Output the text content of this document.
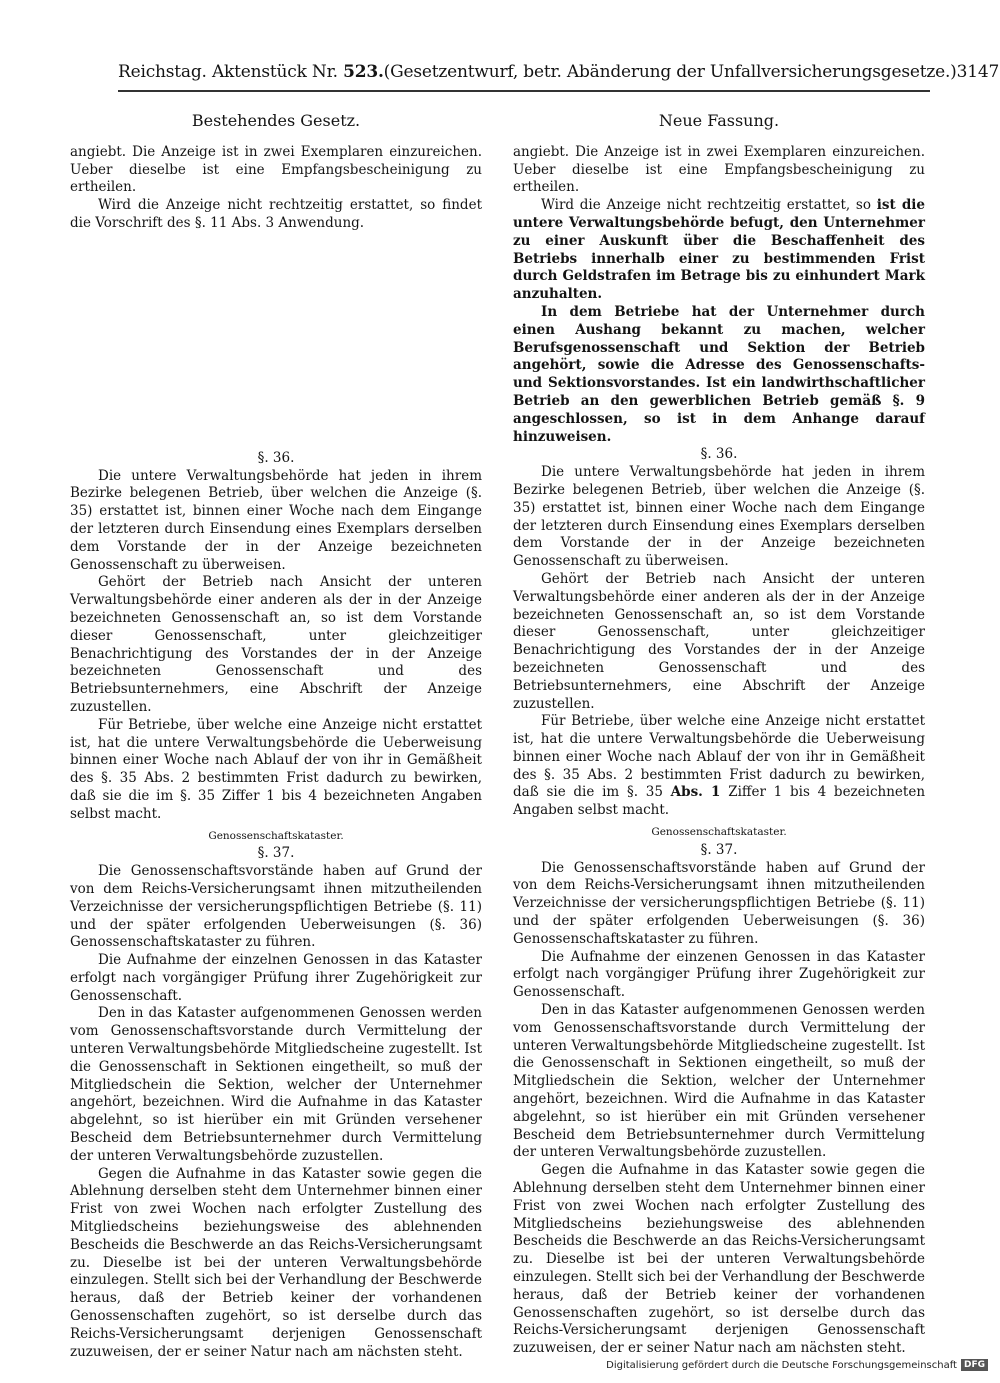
Reichstag. Aktenstück Nr. 523. (Gesetzentwurf, betr. Abänderung der Unfallversicherungsgesetze.) 3147
Bestehendes Gesetz.

angiebt. Die Anzeige ist in zwei Exemplaren einzureichen. Ueber dieselbe ist eine Empfangsbescheinigung zu ertheilen.

Wird die Anzeige nicht rechtzeitig erstattet, so findet die Vorschrift des §. 11 Abs. 3 Anwendung.

§. 36.

Die untere Verwaltungsbehörde hat jeden in ihrem Bezirke belegenen Betrieb, über welchen die Anzeige (§. 35) erstattet ist, binnen einer Woche nach dem Eingange der letzteren durch Einsendung eines Exemplars derselben dem Vorstande der in der Anzeige bezeichneten Genossenschaft zu überweisen.

Gehört der Betrieb nach Ansicht der unteren Verwaltungsbehörde einer anderen als der in der Anzeige bezeichneten Genossenschaft an, so ist dem Vorstande dieser Genossenschaft, unter gleichzeitiger Benachrichtigung des Vorstandes der in der Anzeige bezeichneten Genossenschaft und des Betriebsunternehmers, eine Abschrift der Anzeige zuzustellen.

Für Betriebe, über welche eine Anzeige nicht erstattet ist, hat die untere Verwaltungsbehörde die Ueberweisung binnen einer Woche nach Ablauf der von ihr in Gemäßheit des §. 35 Abs. 2 bestimmten Frist dadurch zu bewirken, daß sie die im §. 35 Ziffer 1 bis 4 bezeichneten Angaben selbst macht.

Genossenschaftskataster.

§. 37.

Die Genossenschaftsvorstände haben auf Grund der von dem Reichs-Versicherungsamt ihnen mitzutheilenden Verzeichnisse der versicherungspflichtigen Betriebe (§. 11) und der später erfolgenden Ueberweisungen (§. 36) Genossenschaftskataster zu führen.

Die Aufnahme der einzelnen Genossen in das Kataster erfolgt nach vorgängiger Prüfung ihrer Zugehörigkeit zur Genossenschaft.

Den in das Kataster aufgenommenen Genossen werden vom Genossenschaftsvorstande durch Vermittelung der unteren Verwaltungsbehörde Mitgliedscheine zugestellt. Ist die Genossenschaft in Sektionen eingetheilt, so muß der Mitgliedschein die Sektion, welcher der Unternehmer angehört, bezeichnen. Wird die Aufnahme in das Kataster abgelehnt, so ist hierüber ein mit Gründen versehener Bescheid dem Betriebsunternehmer durch Vermittelung der unteren Verwaltungsbehörde zuzustellen.

Gegen die Aufnahme in das Kataster sowie gegen die Ablehnung derselben steht dem Unternehmer binnen einer Frist von zwei Wochen nach erfolgter Zustellung des Mitgliedscheins beziehungsweise des ablehnenden Bescheids die Beschwerde an das Reichs-Versicherungsamt zu. Dieselbe ist bei der unteren Verwaltungsbehörde einzulegen. Stellt sich bei der Verhandlung der Beschwerde heraus, daß der Betrieb keiner der vorhandenen Genossenschaften zugehört, so ist derselbe durch das Reichs-Versicherungsamt derjenigen Genossenschaft zuzuweisen, der er seiner Natur nach am nächsten steht.

Neue Fassung.

angiebt. Die Anzeige ist in zwei Exemplaren einzureichen. Ueber dieselbe ist eine Empfangsbescheinigung zu ertheilen.

Wird die Anzeige nicht rechtzeitig erstattet, so ist die untere Verwaltungsbehörde befugt, den Unternehmer zu einer Auskunft über die Beschaffenheit des Betriebs innerhalb einer zu bestimmenden Frist durch Geldstrafen im Betrage bis zu einhundert Mark anzuhalten.

In dem Betriebe hat der Unternehmer durch einen Aushang bekannt zu machen, welcher Berufsgenossenschaft und Sektion der Betrieb angehört, sowie die Adresse des Genossenschafts- und Sektionsvorstandes. Ist ein landwirthschaftlicher Betrieb an den gewerblichen Betrieb gemäß §. 9 angeschlossen, so ist in dem Anhange darauf hinzuweisen.

§. 36.

Die untere Verwaltungsbehörde hat jeden in ihrem Bezirke belegenen Betrieb, über welchen die Anzeige (§. 35) erstattet ist, binnen einer Woche nach dem Eingange der letzteren durch Einsendung eines Exemplars derselben dem Vorstande der in der Anzeige bezeichneten Genossenschaft zu überweisen.

Gehört der Betrieb nach Ansicht der unteren Verwaltungsbehörde einer anderen als der in der Anzeige bezeichneten Genossenschaft an, so ist dem Vorstande dieser Genossenschaft, unter gleichzeitiger Benachrichtigung des Vorstandes der in der Anzeige bezeichneten Genossenschaft und des Betriebsunternehmers, eine Abschrift der Anzeige zuzustellen.

Für Betriebe, über welche eine Anzeige nicht erstattet ist, hat die untere Verwaltungsbehörde die Ueberweisung binnen einer Woche nach Ablauf der von ihr in Gemäßheit des §. 35 Abs. 2 bestimmten Frist dadurch zu bewirken, daß sie die im §. 35 Abs. 1 Ziffer 1 bis 4 bezeichneten Angaben selbst macht.

Genossenschaftskataster.

§. 37.

Die Genossenschaftsvorstände haben auf Grund der von dem Reichs-Versicherungsamt ihnen mitzutheilenden Verzeichnisse der versicherungspflichtigen Betriebe (§. 11) und der später erfolgenden Ueberweisungen (§. 36) Genossenschaftskataster zu führen.

Die Aufnahme der einzenen Genossen in das Kataster erfolgt nach vorgängiger Prüfung ihrer Zugehörigkeit zur Genossenschaft.

Den in das Kataster aufgenommenen Genossen werden vom Genossenschaftsvorstande durch Vermittelung der unteren Verwaltungsbehörde Mitgliedscheine zugestellt. Ist die Genossenschaft in Sektionen eingetheilt, so muß der Mitgliedschein die Sektion, welcher der Unternehmer angehört, bezeichnen. Wird die Aufnahme in das Kataster abgelehnt, so ist hierüber ein mit Gründen versehener Bescheid dem Betriebsunternehmer durch Vermittelung der unteren Verwaltungsbehörde zuzustellen.

Gegen die Aufnahme in das Kataster sowie gegen die Ablehnung derselben steht dem Unternehmer binnen einer Frist von zwei Wochen nach erfolgter Zustellung des Mitgliedscheins beziehungsweise des ablehnenden Bescheids die Beschwerde an das Reichs-Versicherungsamt zu. Dieselbe ist bei der unteren Verwaltungsbehörde einzulegen. Stellt sich bei der Verhandlung der Beschwerde heraus, daß der Betrieb keiner der vorhandenen Genossenschaften zugehört, so ist derselbe durch das Reichs-Versicherungsamt derjenigen Genossenschaft zuzuweisen, der er seiner Natur nach am nächsten steht.

Digitalisierung gefördert durch die Deutsche Forschungsgemeinschaft DFG
